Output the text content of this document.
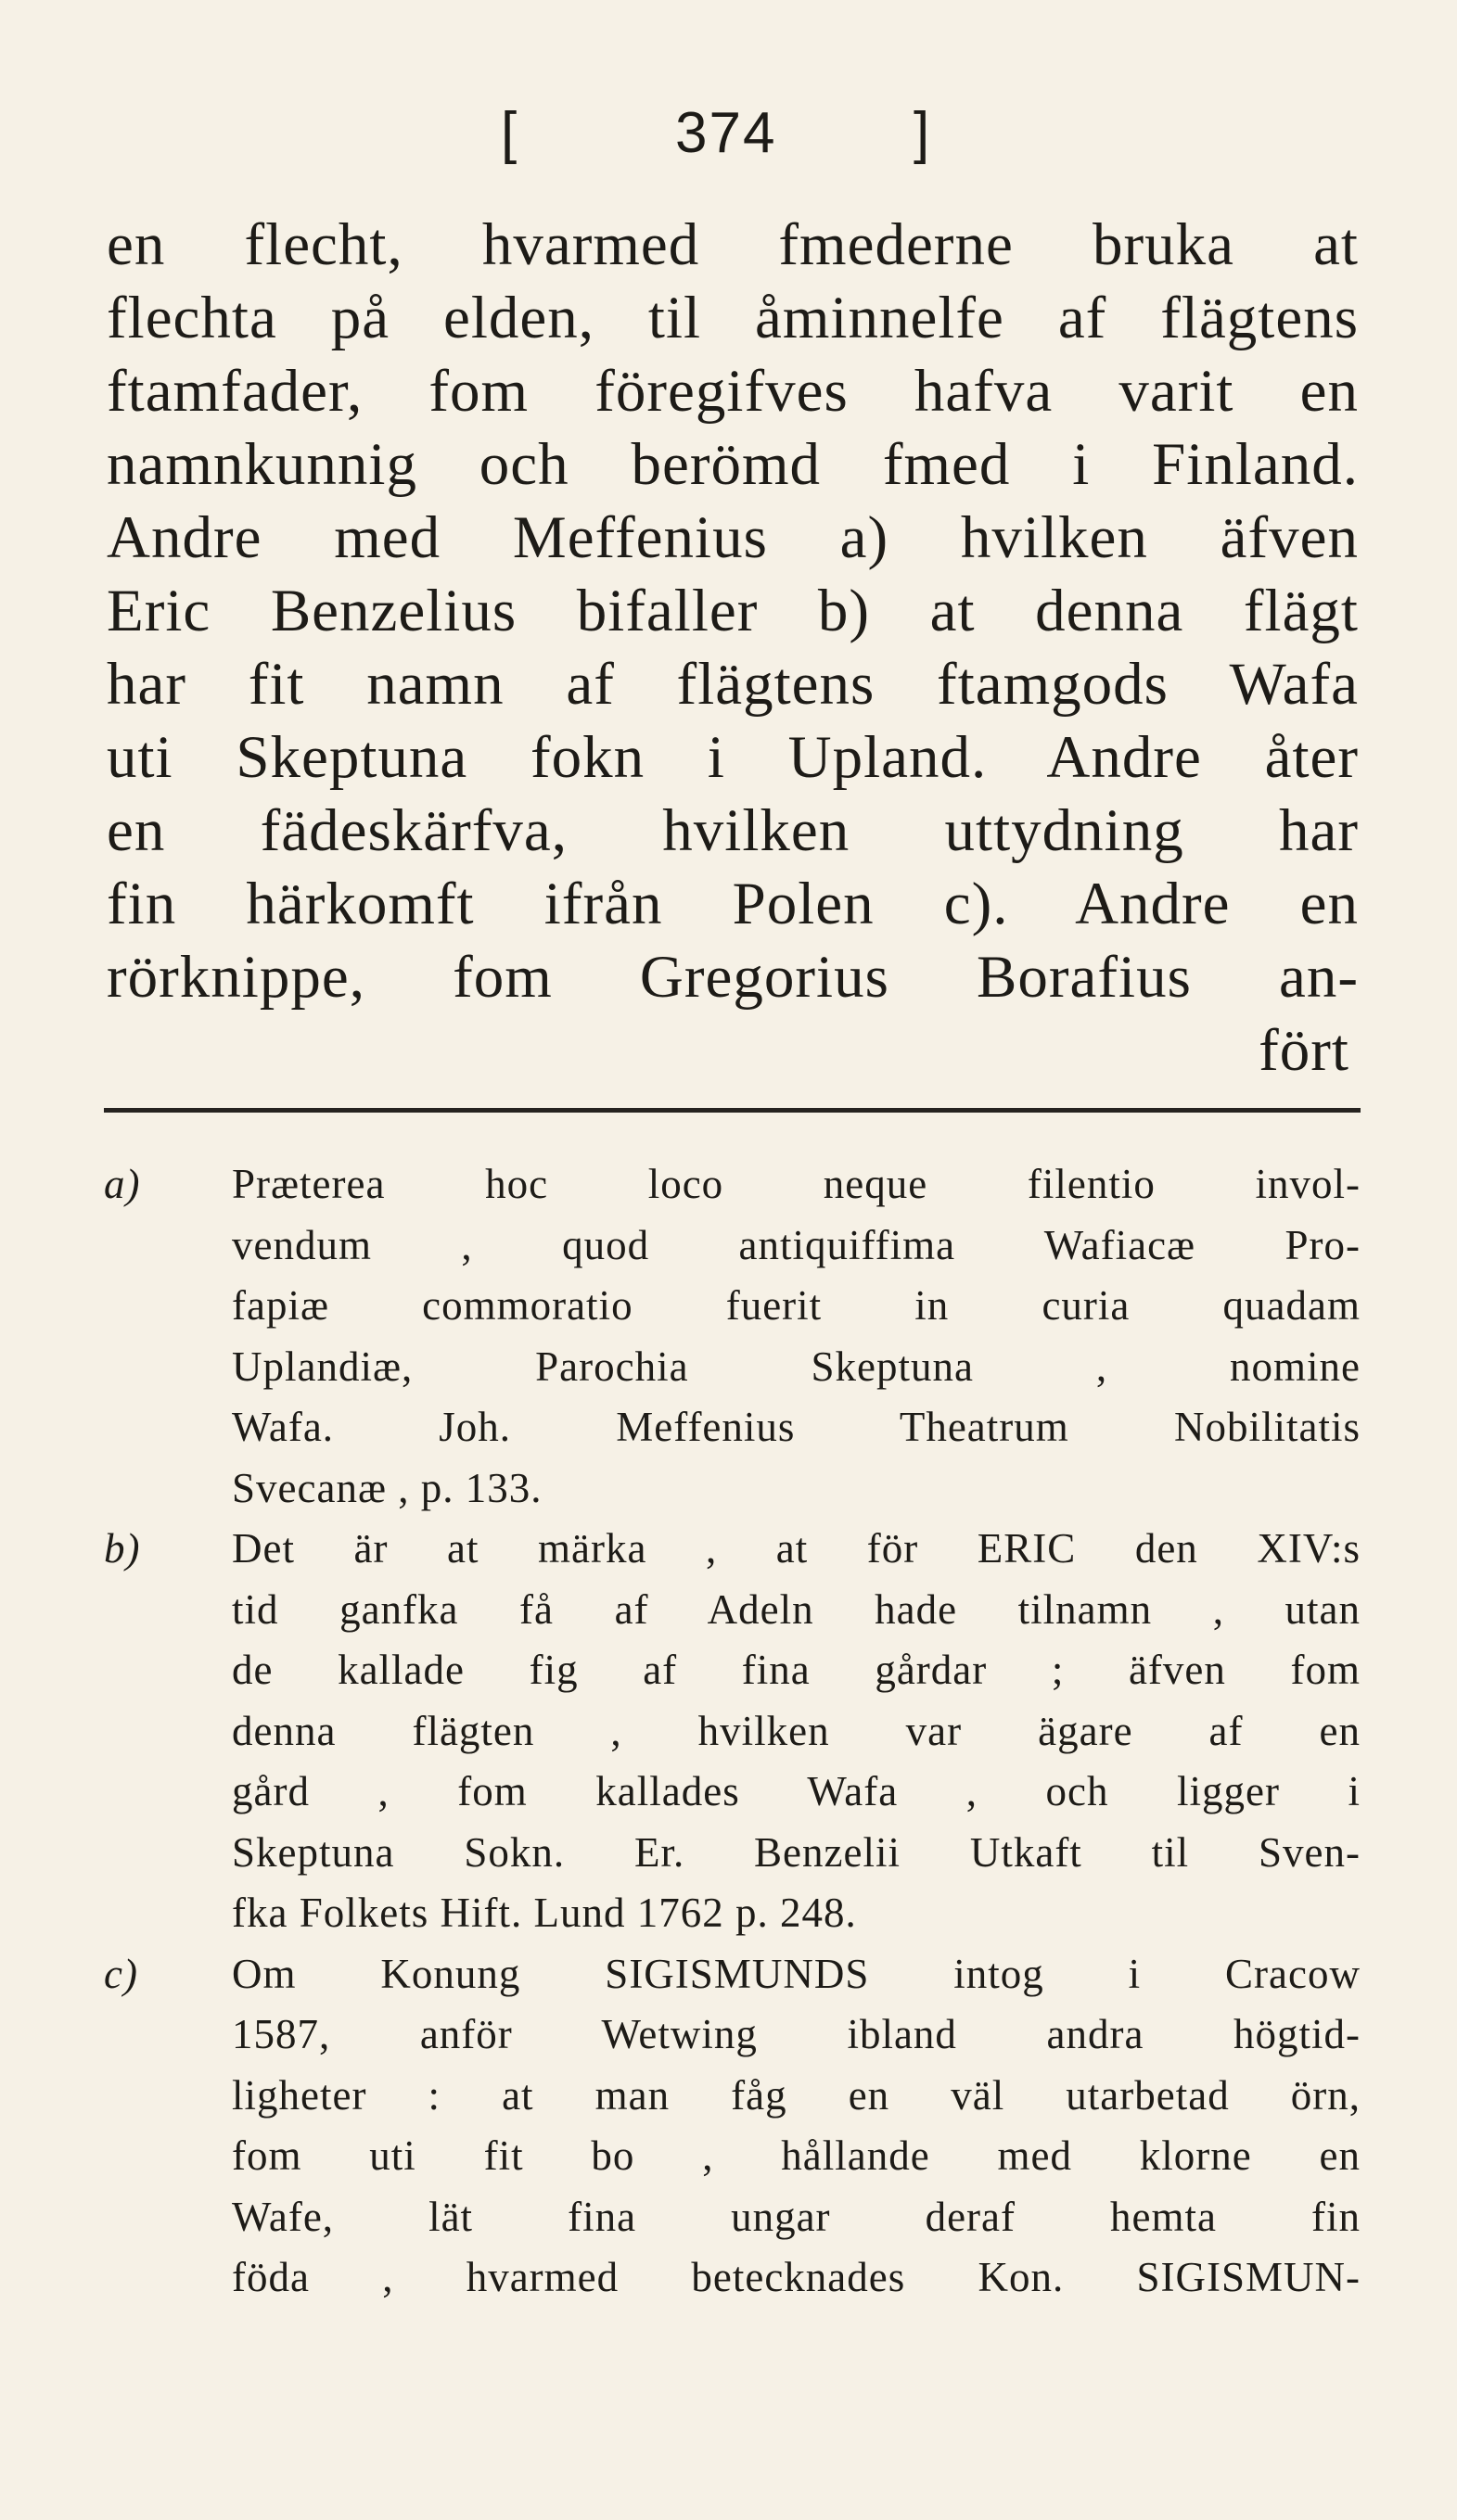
[	374 ]
en flecht, hvarmed fmederne bruka at
flechta på elden, til åminnelfe af flägtens
ftamfader, fom föregifves hafva varit en
namnkunnig och berömd fmed i Finland.
Andre med Meffenius a) hvilken äfven
Eric Benzelius bifaller b) at denna flägt
har fit namn af flägtens ftamgods Wafa
uti Skeptuna fokn i Upland. Andre åter
en fädeskärfva, hvilken uttydning har
fin härkomft ifrån Polen c). Andre en
rörknippe, fom Gregorius Borafius an-
fört
a) Præterea hoc loco neque filentio invol-
vendum , quod antiquiffima Wafiacæ Pro-
fapiæ commoratio fuerit in curia quadam
Uplandiæ, Parochia Skeptuna , nomine
Wafa. Joh. Meffenius Theatrum Nobilitatis
Svecanæ , p. 133.
b) Det är at märka , at för ERIC den XIV:s
tid ganfka få af Adeln hade tilnamn , utan
de kallade fig af fina gårdar ; äfven fom
denna flägten , hvilken var ägare af en
gård , fom kallades Wafa , och ligger i
Skeptuna Sokn. Er. Benzelii Utkaft til Sven-
fka Folkets Hift. Lund 1762 p. 248.
c) Om Konung SIGISMUNDS intog i Cracow
1587, anför Wetwing ibland andra högtid-
ligheter : at man fåg en väl utarbetad örn,
fom uti fit bo , hållande med klorne en
Wafe, lät fina ungar deraf hemta fin
föda , hvarmed betecknades Kon. SIGISMUN-
